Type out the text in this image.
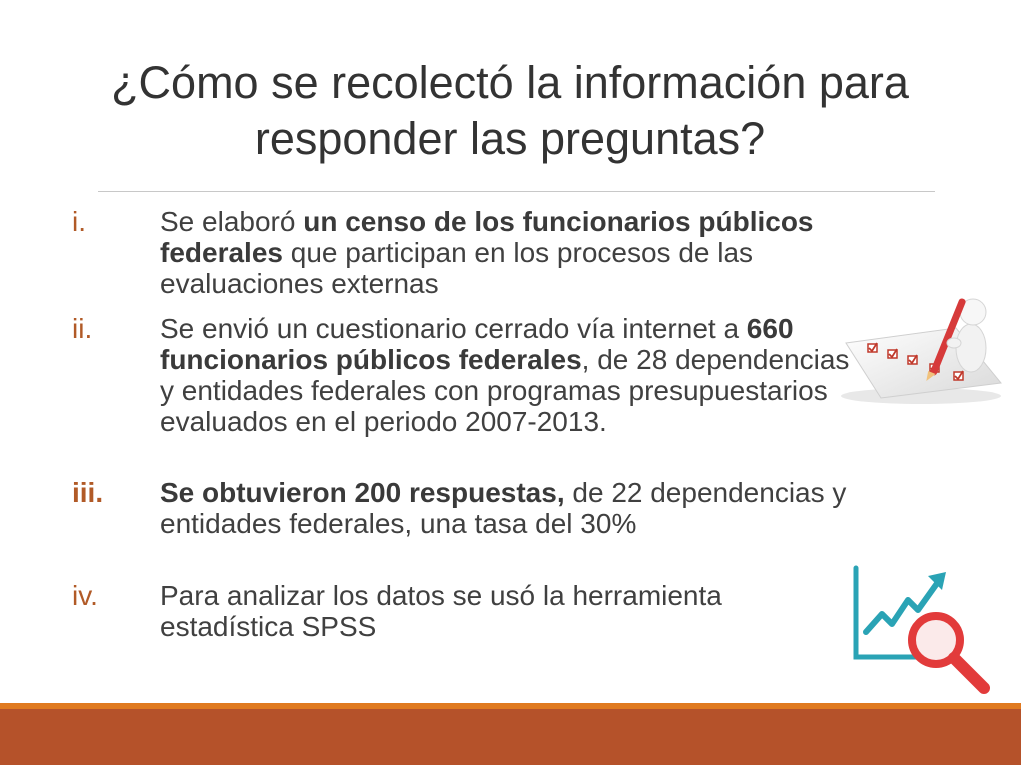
¿Cómo se recolectó la información para responder las preguntas?
i.	Se elaboró un censo de los funcionarios públicos federales que participan en los procesos de las evaluaciones externas
ii. Se envió un cuestionario cerrado vía internet a 660 funcionarios públicos federales, de 28 dependencias y entidades federales con programas presupuestarios evaluados en el periodo 2007-2013.
iii. Se obtuvieron 200 respuestas, de 22 dependencias y entidades federales, una tasa del 30%
iv. Para analizar los datos se usó la herramienta estadística SPSS
